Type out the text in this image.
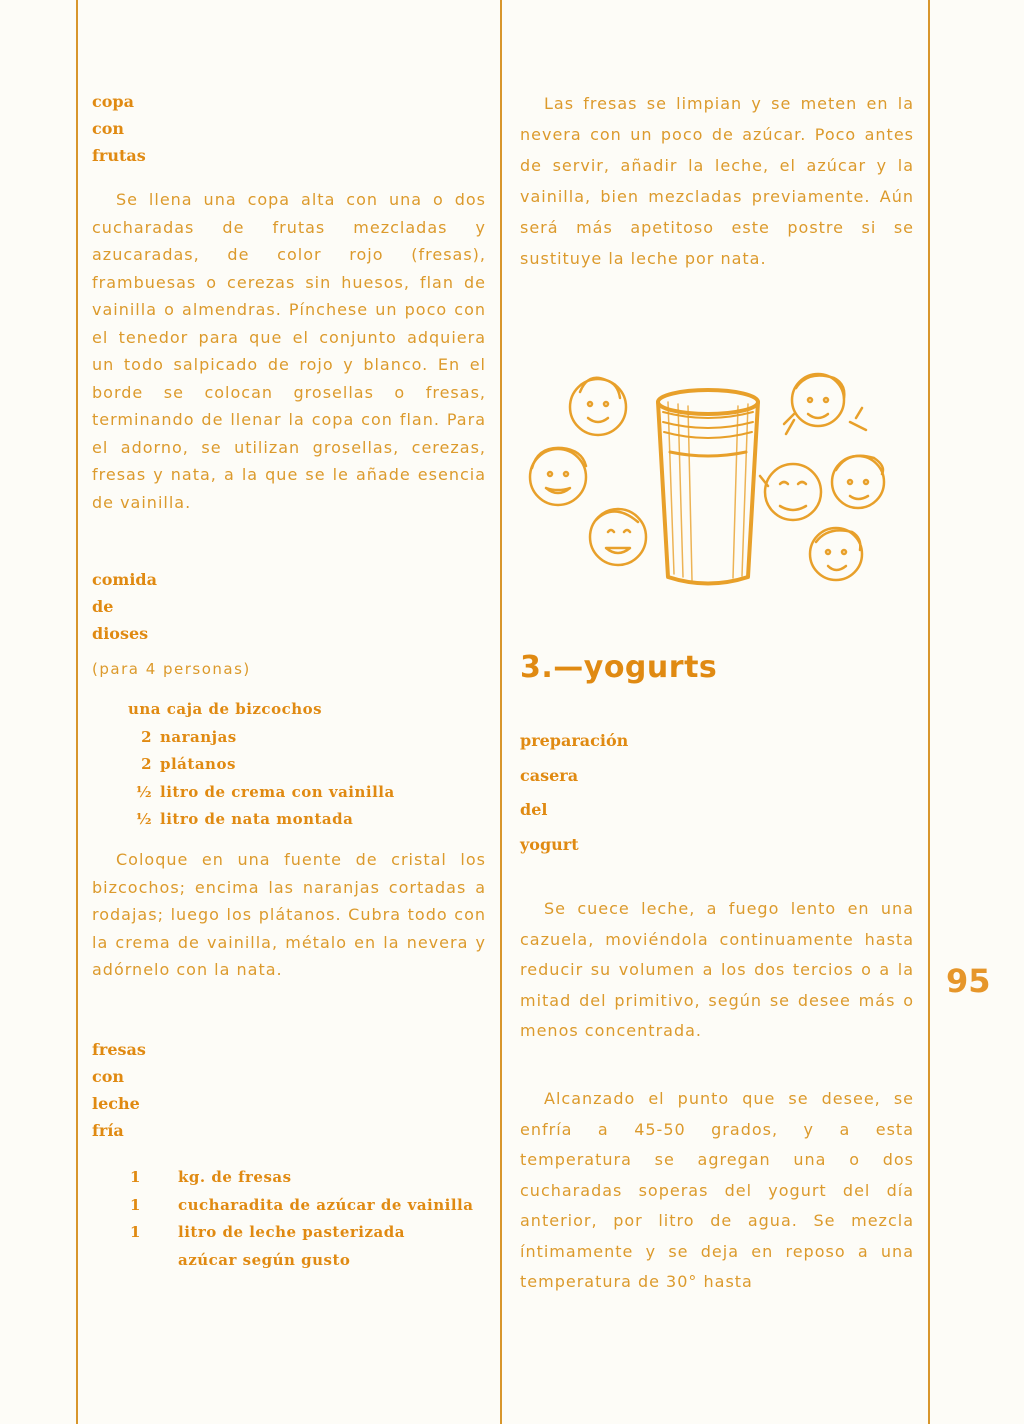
copa
con
frutas

Se llena una copa alta con una o dos cucharadas de frutas mezcladas y azucaradas, de color rojo (fresas), frambuesas o cerezas sin huesos, flan de vainilla o almendras. Pínchese un poco con el tenedor para que el conjunto adquiera un todo salpicado de rojo y blanco. En el borde se colocan grosellas o fresas, terminando de llenar la copa con flan. Para el adorno, se utilizan grosellas, cerezas, fresas y nata, a la que se le añade esencia de vainilla.

comida
de
dioses

(para 4 personas)

una caja de bizcochos
2 naranjas
2 plátanos
½ litro de crema con vainilla
½ litro de nata montada

Coloque en una fuente de cristal los bizcochos; encima las naranjas cortadas a rodajas; luego los plátanos. Cubra todo con la crema de vainilla, métalo en la nevera y adórnelo con la nata.

fresas
con
leche
fría
1 kg. de fresas
1 cucharadita de azúcar de vainilla
1 litro de leche pasterizada
azúcar según gusto

Las fresas se limpian y se meten en la nevera con un poco de azúcar. Poco antes de servir, añadir la leche, el azúcar y la vainilla, bien mezcladas previamente. Aún será más apetitoso este postre si se sustituye la leche por nata.

3.—yogurts
preparación
casera
del
yogurt

Se cuece leche, a fuego lento en una cazuela, moviéndola continuamente hasta reducir su volumen a los dos tercios o a la mitad del primitivo, según se desee más o menos concentrada.

Alcanzado el punto que se desee, se enfría a 45-50 grados, y a esta temperatura se agregan una o dos cucharadas soperas del yogurt del día anterior, por litro de agua. Se mezcla íntimamente y se deja en reposo a una temperatura de 30° hasta

95
